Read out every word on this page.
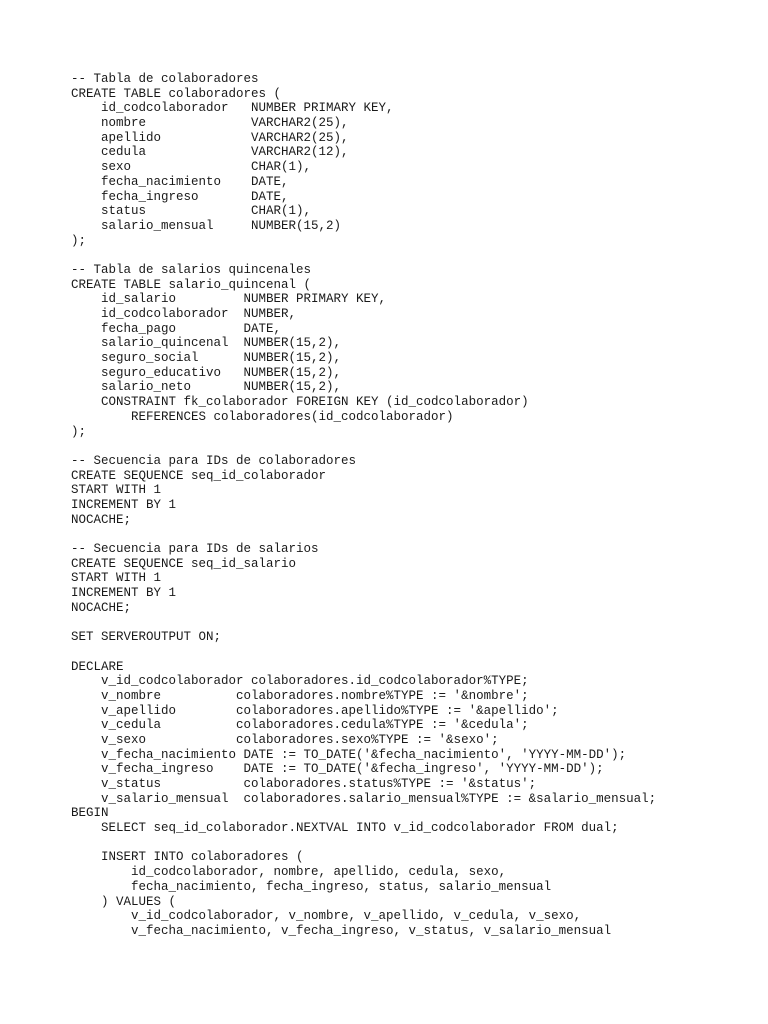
-- Tabla de colaboradores
CREATE TABLE colaboradores (
id_codcolaborador   NUMBER PRIMARY KEY,
nombre              VARCHAR2(25),
apellido            VARCHAR2(25),
cedula              VARCHAR2(12),
sexo                CHAR(1),
fecha_nacimiento    DATE,
fecha_ingreso       DATE,
status              CHAR(1),
salario_mensual     NUMBER(15,2)
);
-- Tabla de salarios quincenales
CREATE TABLE salario_quincenal (
id_salario         NUMBER PRIMARY KEY,
id_codcolaborador  NUMBER,
fecha_pago         DATE,
salario_quincenal  NUMBER(15,2),
seguro_social      NUMBER(15,2),
seguro_educativo   NUMBER(15,2),
salario_neto       NUMBER(15,2),
CONSTRAINT fk_colaborador FOREIGN KEY (id_codcolaborador)
REFERENCES colaboradores(id_codcolaborador)
);
-- Secuencia para IDs de colaboradores
CREATE SEQUENCE seq_id_colaborador
START WITH 1
INCREMENT BY 1
NOCACHE;
-- Secuencia para IDs de salarios
CREATE SEQUENCE seq_id_salario
START WITH 1
INCREMENT BY 1
NOCACHE;
SET SERVEROUTPUT ON;
DECLARE
v_id_codcolaborador colaboradores.id_codcolaborador%TYPE;
v_nombre          colaboradores.nombre%TYPE := '&nombre';
v_apellido        colaboradores.apellido%TYPE := '&apellido';
v_cedula          colaboradores.cedula%TYPE := '&cedula';
v_sexo            colaboradores.sexo%TYPE := '&sexo';
v_fecha_nacimiento DATE := TO_DATE('&fecha_nacimiento', 'YYYY-MM-DD');
v_fecha_ingreso    DATE := TO_DATE('&fecha_ingreso', 'YYYY-MM-DD');
v_status           colaboradores.status%TYPE := '&status';
v_salario_mensual  colaboradores.salario_mensual%TYPE := &salario_mensual;
BEGIN
SELECT seq_id_colaborador.NEXTVAL INTO v_id_codcolaborador FROM dual;
INSERT INTO colaboradores (
id_codcolaborador, nombre, apellido, cedula, sexo,
fecha_nacimiento, fecha_ingreso, status, salario_mensual
) VALUES (
v_id_codcolaborador, v_nombre, v_apellido, v_cedula, v_sexo,
v_fecha_nacimiento, v_fecha_ingreso, v_status, v_salario_mensual
